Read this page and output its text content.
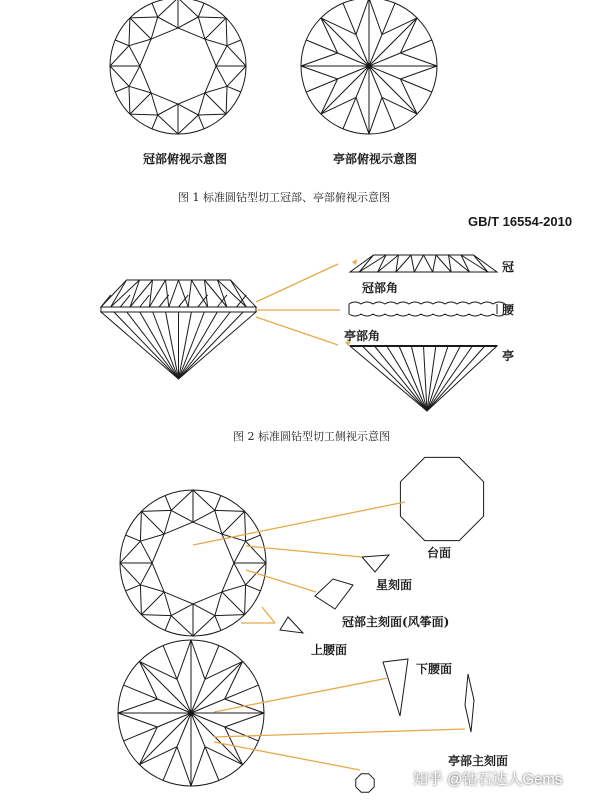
冠部俯视示意图	亭部俯视示意图
图 1 标准圆钻型切工冠部、亭部俯视示意图
GB/T 16554-2010
冠部角
亭部角
冠
腰
亭
图 2 标准圆钻型切工侧视示意图
台面
星刻面
冠部主刻面(风筝面)
上腰面
下腰面
亭部主刻面
知乎 @钻石达人Gems
